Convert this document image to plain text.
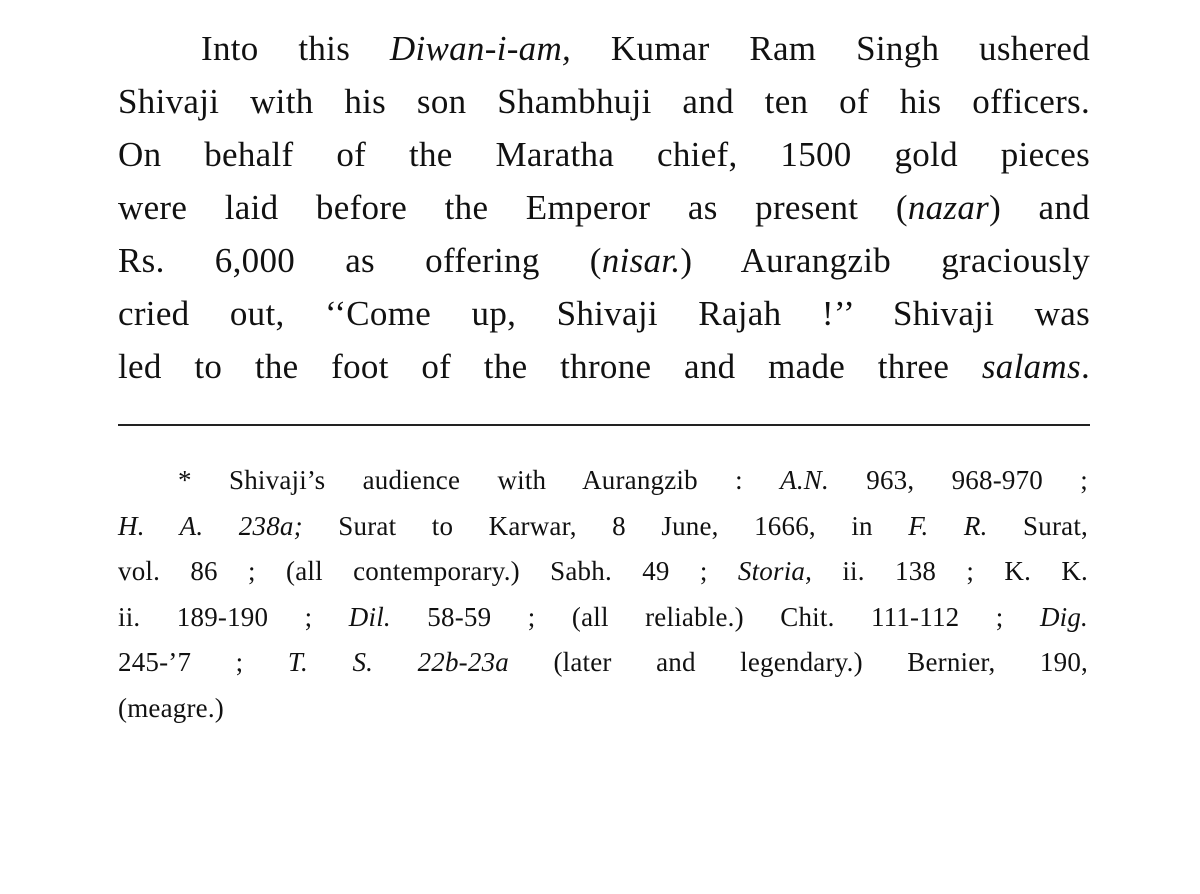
Into this Diwan-i-am, Kumar Ram Singh ushered
Shivaji with his son Shambhuji and ten of his officers.
On behalf of the Maratha chief, 1500 gold pieces
were laid before the Emperor as present (nazar) and
Rs. 6,000 as offering (nisar.) Aurangzib graciously
cried out, ‘‘Come up, Shivaji Rajah !’’ Shivaji was
led to the foot of the throne and made three salams.
* Shivaji’s audience with Aurangzib : A.N. 963, 968-970 ;
H. A. 238a; Surat to Karwar, 8 June, 1666, in F. R. Surat,
vol. 86 ; (all contemporary.) Sabh. 49 ; Storia, ii. 138 ; K. K.
ii. 189-190 ; Dil. 58-59 ; (all reliable.) Chit. 111-112 ; Dig.
245-’7 ; T. S. 22b-23a (later and legendary.) Bernier, 190,
(meagre.)
